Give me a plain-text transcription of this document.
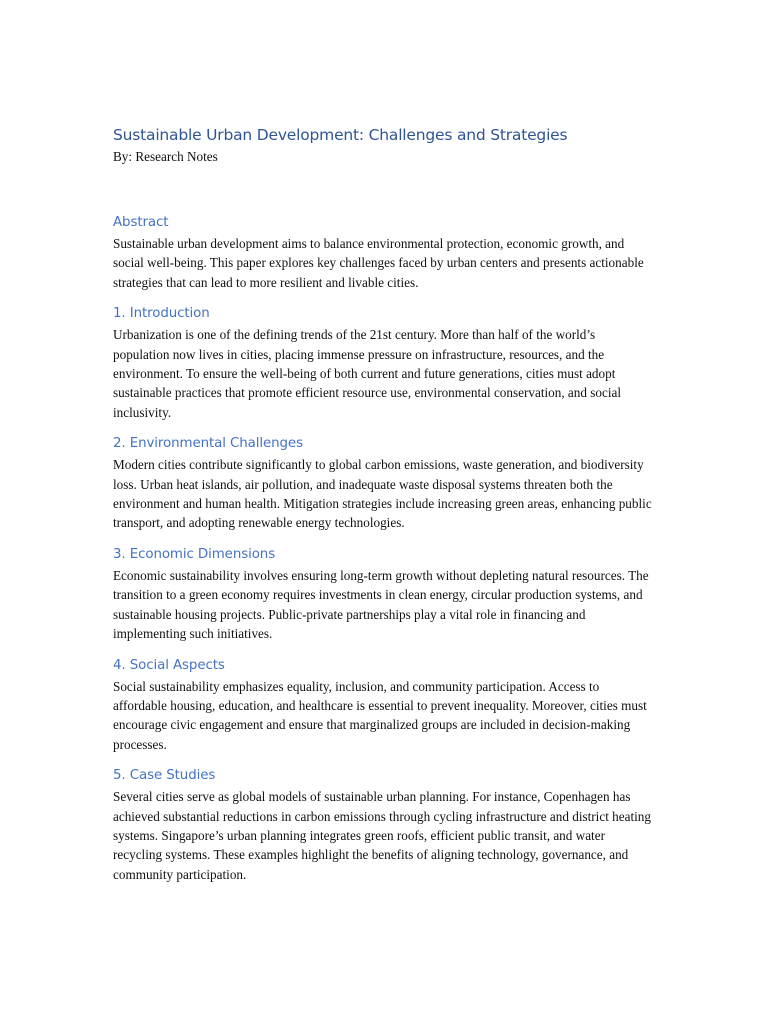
Sustainable Urban Development: Challenges and Strategies

By: Research Notes

Abstract

Sustainable urban development aims to balance environmental protection, economic growth, and social well-being. This paper explores key challenges faced by urban centers and presents actionable strategies that can lead to more resilient and livable cities.

1. Introduction

Urbanization is one of the defining trends of the 21st century. More than half of the world’s population now lives in cities, placing immense pressure on infrastructure, resources, and the environment. To ensure the well-being of both current and future generations, cities must adopt sustainable practices that promote efficient resource use, environmental conservation, and social inclusivity.

2. Environmental Challenges

Modern cities contribute significantly to global carbon emissions, waste generation, and biodiversity loss. Urban heat islands, air pollution, and inadequate waste disposal systems threaten both the environment and human health. Mitigation strategies include increasing green areas, enhancing public transport, and adopting renewable energy technologies.

3. Economic Dimensions

Economic sustainability involves ensuring long-term growth without depleting natural resources. The transition to a green economy requires investments in clean energy, circular production systems, and sustainable housing projects. Public-private partnerships play a vital role in financing and implementing such initiatives.

4. Social Aspects

Social sustainability emphasizes equality, inclusion, and community participation. Access to affordable housing, education, and healthcare is essential to prevent inequality. Moreover, cities must encourage civic engagement and ensure that marginalized groups are included in decision-making processes.

5. Case Studies

Several cities serve as global models of sustainable urban planning. For instance, Copenhagen has achieved substantial reductions in carbon emissions through cycling infrastructure and district heating systems. Singapore’s urban planning integrates green roofs, efficient public transit, and water recycling systems. These examples highlight the benefits of aligning technology, governance, and community participation.
